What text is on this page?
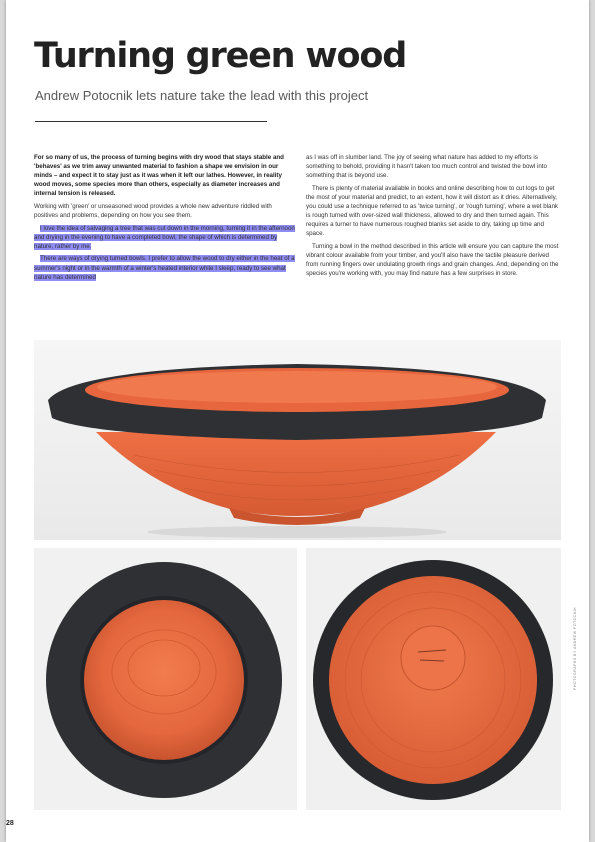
Turning green wood
Andrew Potocnik lets nature take the lead with this project

For so many of us, the process of turning begins with dry wood that stays stable and 'behaves' as we trim away unwanted material to fashion a shape we envision in our minds – and expect it to stay just as it was when it left our lathes. However, in reality wood moves, some species more than others, especially as diameter increases and internal tension is released.

Working with 'green' or unseasoned wood provides a whole new adventure riddled with positives and problems, depending on how you see them.

I love the idea of salvaging a tree that was cut down in the morning, turning it in the afternoon and drying in the evening to have a completed bowl, the shape of which is determined by nature, rather by me.

There are ways of drying turned bowls. I prefer to allow the wood to dry either in the heat of a summer's night or in the warmth of a winter's heated interior while I sleep, ready to see what nature has determined

as I was off in slumber land. The joy of seeing what nature has added to my efforts is something to behold, providing it hasn't taken too much control and twisted the bowl into something that is beyond use.

There is plenty of material available in books and online describing how to cut logs to get the most of your material and predict, to an extent, how it will distort as it dries. Alternatively, you could use a technique referred to as 'twice turning', or 'rough turning', where a wet blank is rough turned with over-sized wall thickness, allowed to dry and then turned again. This requires a turner to have numerous roughed blanks set aside to dry, taking up time and space.

Turning a bowl in the method described in this article will ensure you can capture the most vibrant colour available from your timber, and you'll also have the tactile pleasure derived from running fingers over undulating growth rings and grain changes. And, depending on the species you're working with, you may find nature has a few surprises in store.

PHOTOGRAPHS BY ANDREW POTOCNIK
28
